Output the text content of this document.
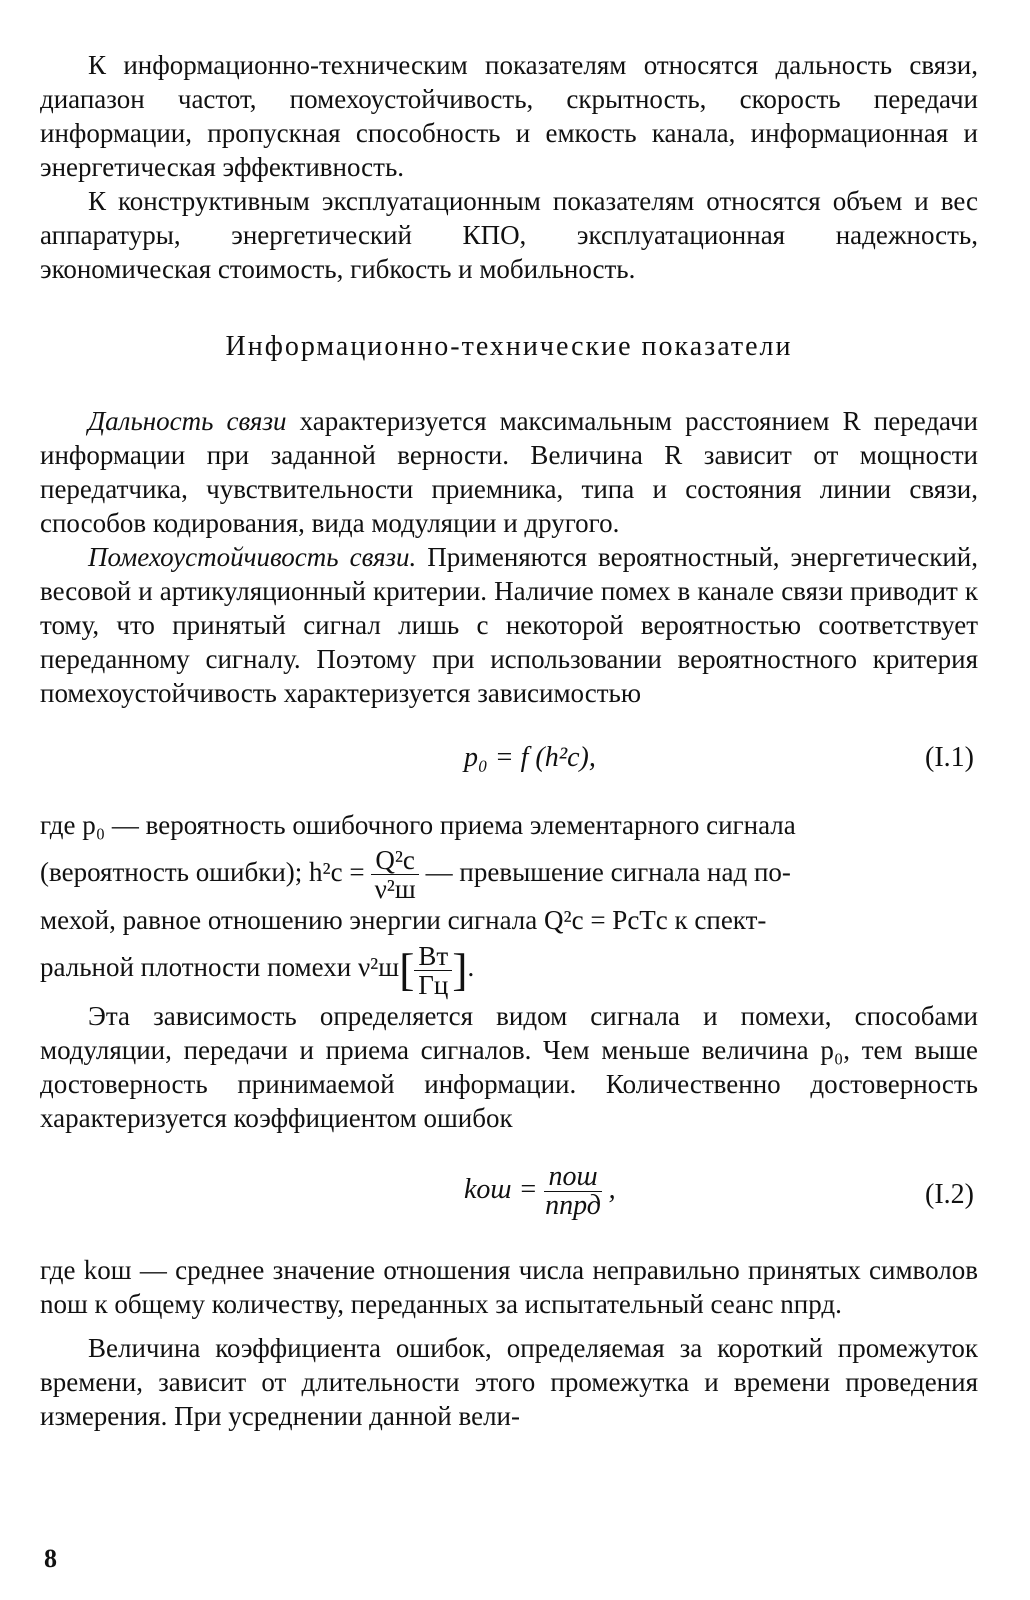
К информационно-техническим показателям относятся дальность связи, диапазон частот, помехоустойчивость, скрытность, скорость передачи информации, пропускная способность и емкость канала, информационная и энергетическая эффективность.

К конструктивным эксплуатационным показателям относятся объем и вес аппаратуры, энергетический КПО, эксплуатационная надежность, экономическая стоимость, гибкость и мобильность.

Информационно-технические показатели

Дальность связи характеризуется максимальным расстоянием R передачи информации при заданной верности. Величина R зависит от мощности передатчика, чувствительности приемника, типа и состояния линии связи, способов кодирования, вида модуляции и другого.

Помехоустойчивость связи. Применяются вероятностный, энергетический, весовой и артикуляционный критерии. Наличие помех в канале связи приводит к тому, что принятый сигнал лишь с некоторой вероятностью соответствует переданному сигналу. Поэтому при использовании вероятностного критерия помехоустойчивость характеризуется зависимостью

p₀ = f (h²с),	(I.1)

где p₀ — вероятность ошибочного приема элементарного сигнала

(вероятность ошибки); $h^2с = \frac{\text{Q²с}}{\text{ν²ш}}$ — превышение сигнала над по-

мехой, равное отношению энергии сигнала Q²с = PсTс к спект-

ральной плотности помехи $\nu^2ш[ \frac{Вт}{Гц}$ ].

Эта зависимость определяется видом сигнала и помехи, способами модуляции, передачи и приема сигналов. Чем меньше величина p₀, тем выше достоверность принимаемой информации. Количественно достоверность характеризуется коэффициентом ошибок

kош = $\frac{\text{nош}}{\text{nпрд}}$ ,	(I.2)

где kош — среднее значение отношения числа неправильно принятых символов nош к общему количеству, переданных за испытательный сеанс nпрд.

Величина коэффициента ошибок, определяемая за короткий промежуток времени, зависит от длительности этого промежутка и времени проведения измерения. При усреднении данной вели-

8
